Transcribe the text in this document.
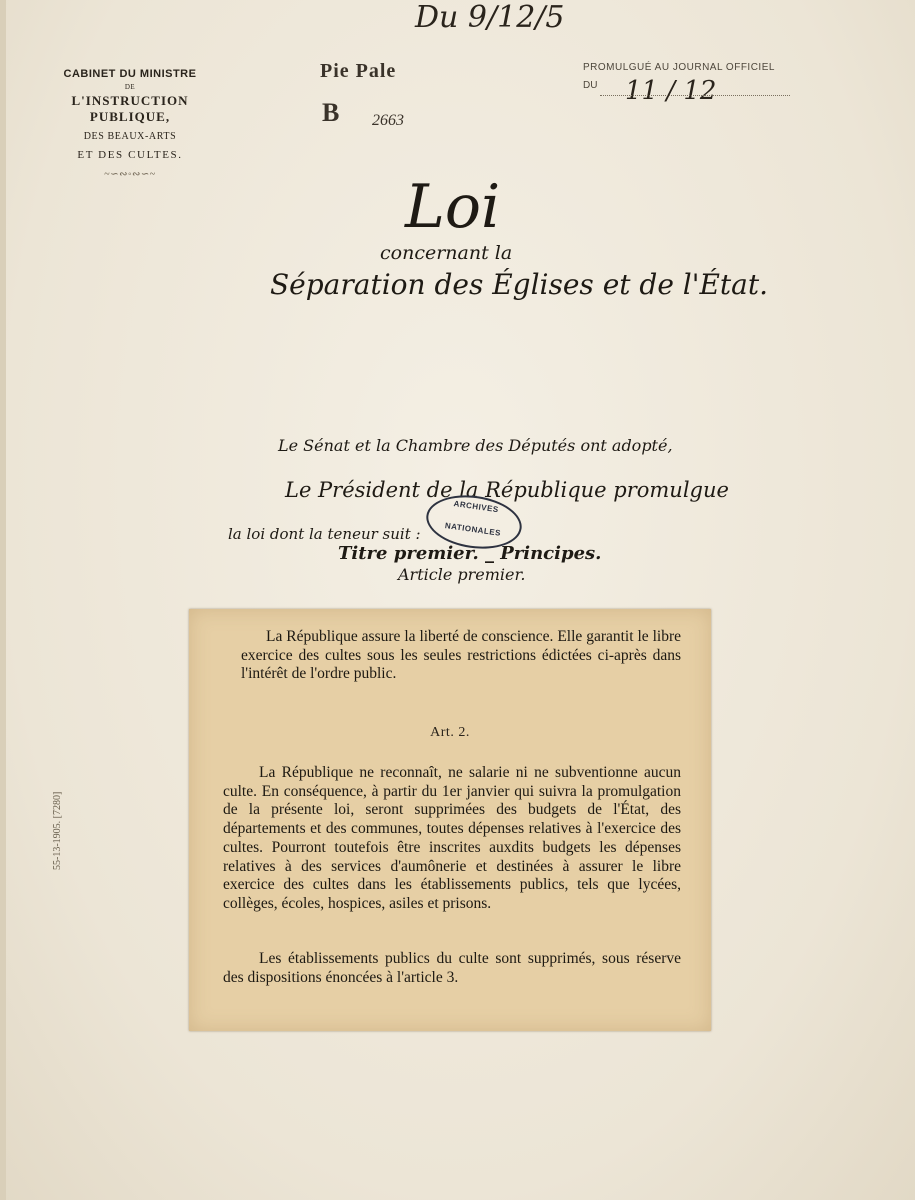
Du 9/12/5
CABINET DU MINISTRE
DE
L'INSTRUCTION PUBLIQUE,
DES BEAUX-ARTS
ET DES CULTES.
~∽∾◦∾∽~
Pie Pale
B 2663
PROMULGUÉ AU JOURNAL OFFICIEL
DU 11 / 12
Loi
concernant la
Séparation des Églises et de l'État.
Le Sénat et la Chambre des Députés ont adopté,
Le Président de la République promulgue
la loi dont la teneur suit :
Titre premier. _ Principes.
Article premier.
ARCHIVES
NATIONALES
55-13-1905. [7280]

La République assure la liberté de conscience. Elle garantit le libre exercice des cultes sous les seules restrictions édictées ci-après dans l'intérêt de l'ordre public.

Art. 2.

La République ne reconnaît, ne salarie ni ne subventionne aucun culte. En conséquence, à partir du 1er janvier qui suivra la promulgation de la présente loi, seront supprimées des budgets de l'État, des départements et des communes, toutes dépenses relatives à l'exercice des cultes. Pourront toutefois être inscrites auxdits budgets les dépenses relatives à des services d'aumônerie et destinées à assurer le libre exercice des cultes dans les établissements publics, tels que lycées, collèges, écoles, hospices, asiles et prisons.

Les établissements publics du culte sont supprimés, sous réserve des dispositions énoncées à l'article 3.
